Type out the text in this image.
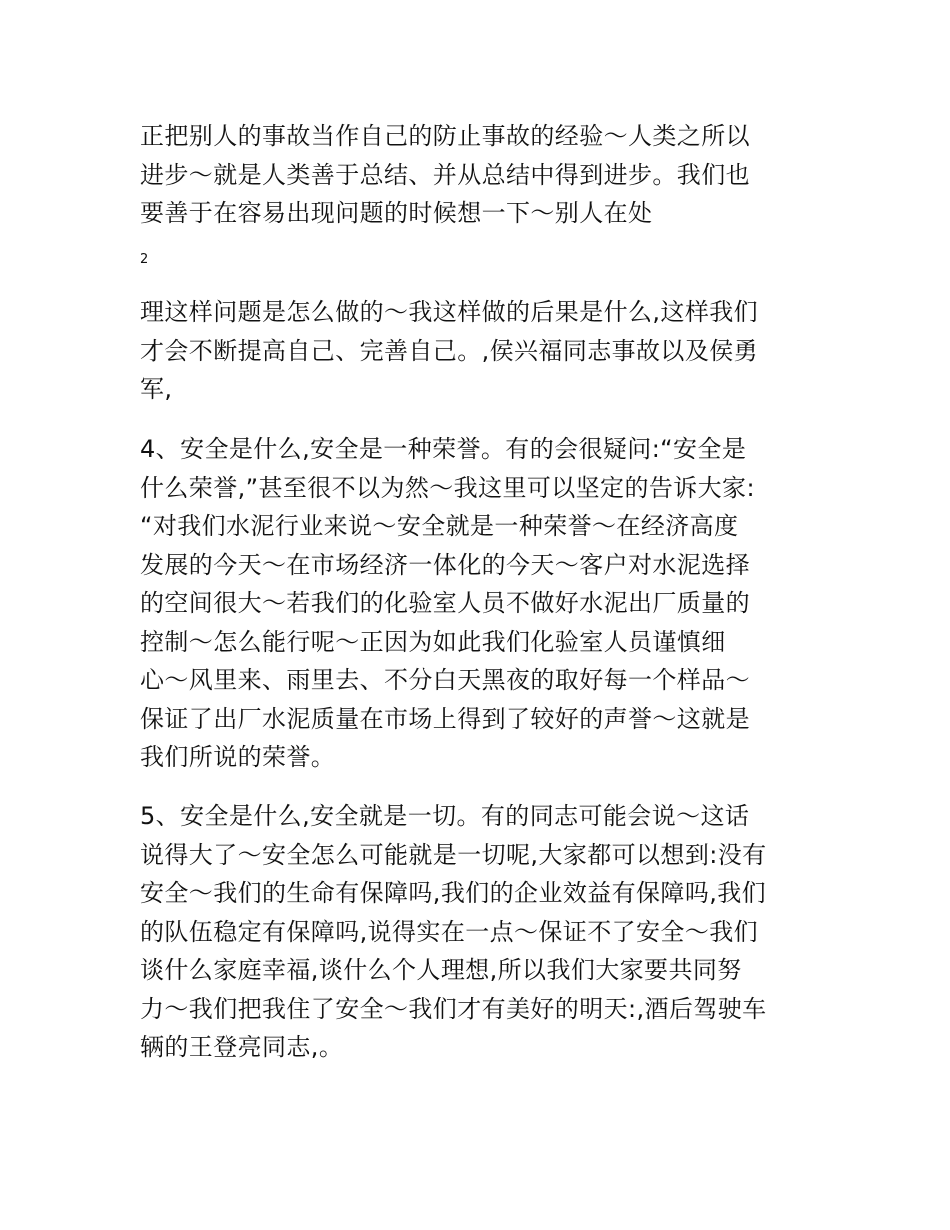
正把别人的事故当作自己的防止事故的经验～人类之所以
进步～就是人类善于总结、并从总结中得到进步。我们也
要善于在容易出现问题的时候想一下～别人在处
2
理这样问题是怎么做的～我这样做的后果是什么,这样我们
才会不断提高自己、完善自己。,侯兴福同志事故以及侯勇
军,
4、安全是什么,安全是一种荣誉。有的会很疑问:“安全是
什么荣誉,”甚至很不以为然～我这里可以坚定的告诉大家:
“对我们水泥行业来说～安全就是一种荣誉～在经济高度
发展的今天～在市场经济一体化的今天～客户对水泥选择
的空间很大～若我们的化验室人员不做好水泥出厂质量的
控制～怎么能行呢～正因为如此我们化验室人员谨慎细
心～风里来、雨里去、不分白天黑夜的取好每一个样品～
保证了出厂水泥质量在市场上得到了较好的声誉～这就是
我们所说的荣誉。
5、安全是什么,安全就是一切。有的同志可能会说～这话
说得大了～安全怎么可能就是一切呢,大家都可以想到:没有
安全～我们的生命有保障吗,我们的企业效益有保障吗,我们
的队伍稳定有保障吗,说得实在一点～保证不了安全～我们
谈什么家庭幸福,谈什么个人理想,所以我们大家要共同努
力～我们把我住了安全～我们才有美好的明天:,酒后驾驶车
辆的王登亮同志,。
